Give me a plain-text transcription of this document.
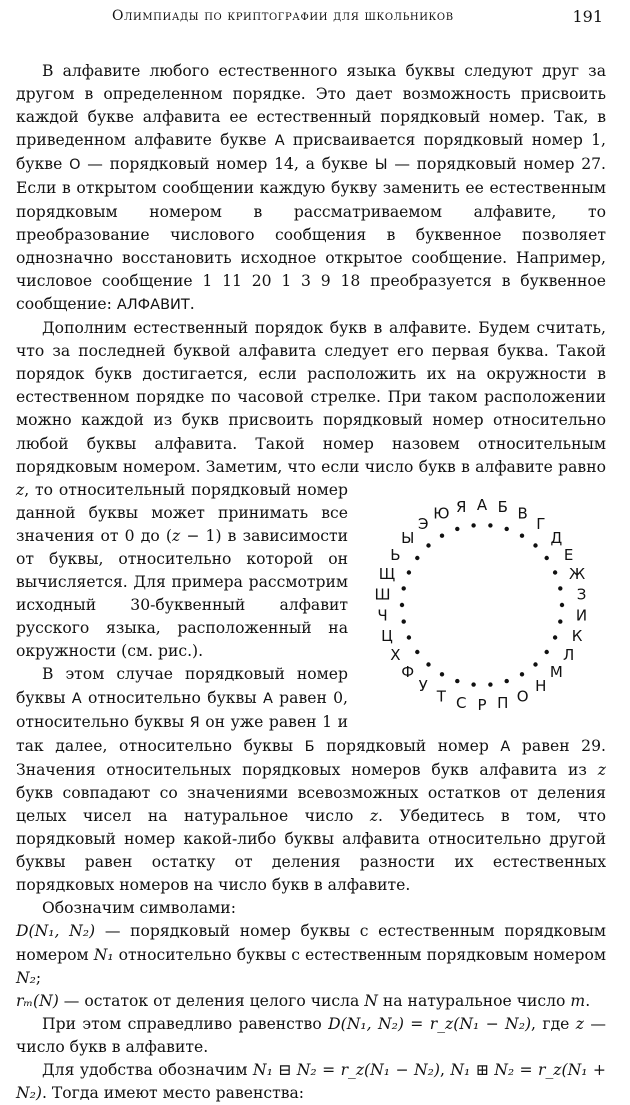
Олимпиады по криптографии для школьников	191

В алфавите любого естественного языка буквы следуют друг за другом в определенном порядке. Это дает возможность присвоить каждой букве алфавита ее естественный порядковый номер. Так, в приведенном алфавите букве А присваивается порядковый номер 1, букве О — порядковый номер 14, а букве Ы — порядковый номер 27. Если в открытом сообщении каждую букву заменить ее естественным порядковым номером в рассматриваемом алфавите, то преобразование числового сообщения в буквенное позволяет однозначно восстановить исходное открытое сообщение. Например, числовое сообщение 1 11 20 1 3 9 18 преобразуется в буквенное сообщение: АЛФАВИТ.

Дополним естественный порядок букв в алфавите. Будем считать, что за последней буквой алфавита следует его первая буква. Такой порядок букв достигается, если расположить их на окружности в естественном порядке по часовой стрелке. При таком расположении можно каждой из букв присвоить порядковый номер относительно любой буквы алфавита. Такой номер назовем относительным порядковым номером. Заметим, что если число букв в алфавите равно
А Б В
Г
Д
Е
Ж
З
И
К
Л
М
Н
О
П
Р
С
Т
У
Ф
Х
Ц
Ч
Ш
Щ
Ь
Ы
Э
Ю Я
z, то относительный порядковый номер данной буквы может принимать все значения от 0 до (z − 1) в зависимости от буквы, относительно которой он вычисляется. Для примера рассмотрим исходный 30-буквенный алфавит русского языка, расположенный на окружности (см. рис.).

В этом случае порядковый номер буквы А относительно буквы А равен 0, относительно буквы Я он уже равен 1 и так далее, относительно буквы Б порядковый номер А равен 29. Значения относительных порядковых номеров букв алфавита из z букв совпадают со значениями всевозможных остатков от деления целых чисел на натуральное число z. Убедитесь в том, что порядковый номер какой-либо буквы алфавита относительно другой буквы равен остатку от деления разности их естественных порядковых номеров на число букв в алфавите.

Обозначим символами:

D(N₁, N₂) — порядковый номер буквы с естественным порядковым номером N₁ относительно буквы с естественным порядковым номером N₂;

rₘ(N) — остаток от деления целого числа N на натуральное число m.

При этом справедливо равенство D(N₁, N₂) = r_z(N₁ − N₂), где z — число букв в алфавите.

Для удобства обозначим N₁ ⊟ N₂ = r_z(N₁ − N₂), N₁ ⊞ N₂ = r_z(N₁ + N₂). Тогда имеют место равенства:
